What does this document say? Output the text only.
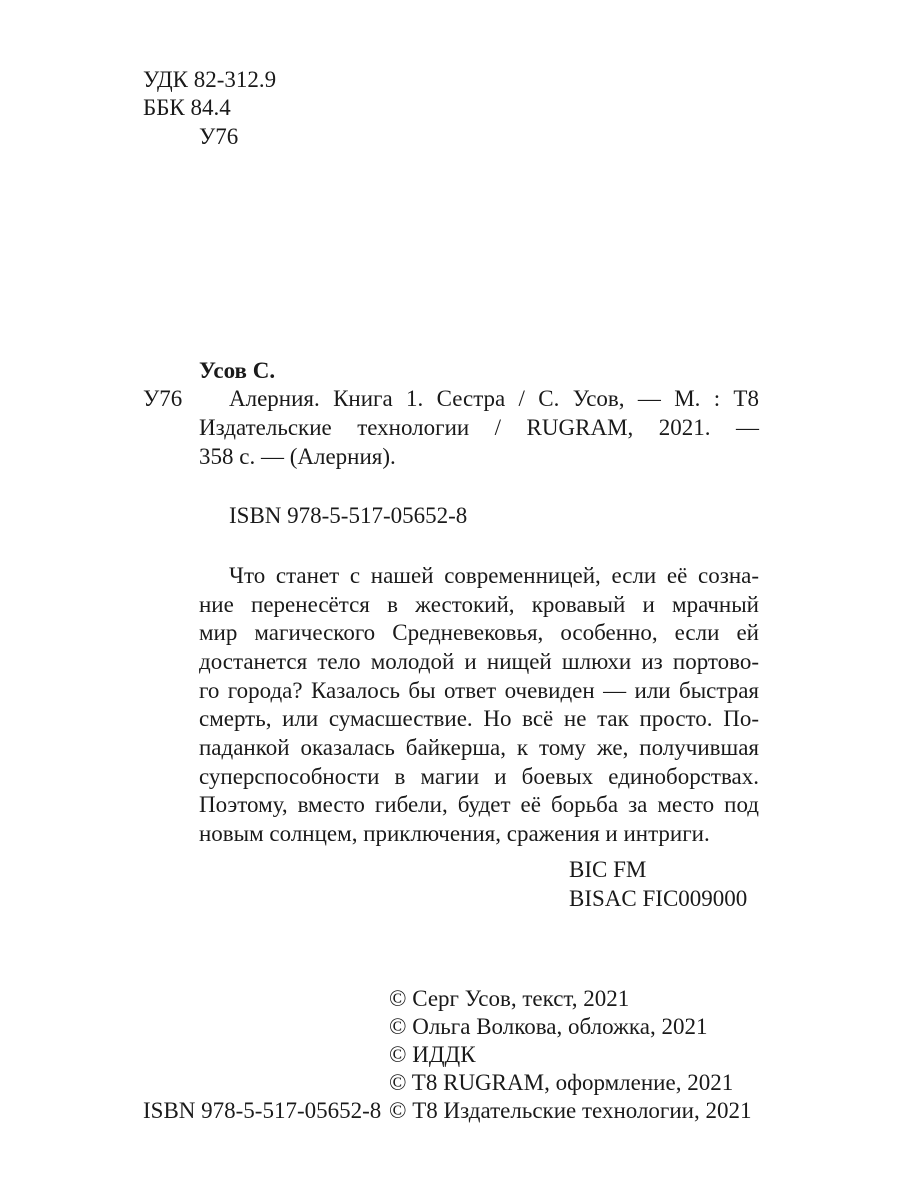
УДК 82-312.9
ББК 84.4
У76
Усов С.
У76 Алерния. Книга 1. Сестра / С. Усов, — М. : Т8
Издательские технологии / RUGRAM, 2021. —
358 с. — (Алерния).
ISBN 978-5-517-05652-8
Что станет с нашей современницей, если её созна-
ние перенесётся в жестокий, кровавый и мрачный
мир магического Средневековья, особенно, если ей
достанется тело молодой и нищей шлюхи из портово-
го города? Казалось бы ответ очевиден — или быстрая
смерть, или сумасшествие. Но всё не так просто. По-
паданкой оказалась байкерша, к тому же, получившая
суперспособности в магии и боевых единоборствах.
Поэтому, вместо гибели, будет её борьба за место под
новым солнцем, приключения, сражения и интриги.
BIC FM
BISAC FIC009000
© Серг Усов, текст, 2021
© Ольга Волкова, обложка, 2021
© ИДДК
© T8 RUGRAM, оформление, 2021
© Т8 Издательские технологии, 2021
ISBN 978-5-517-05652-8
